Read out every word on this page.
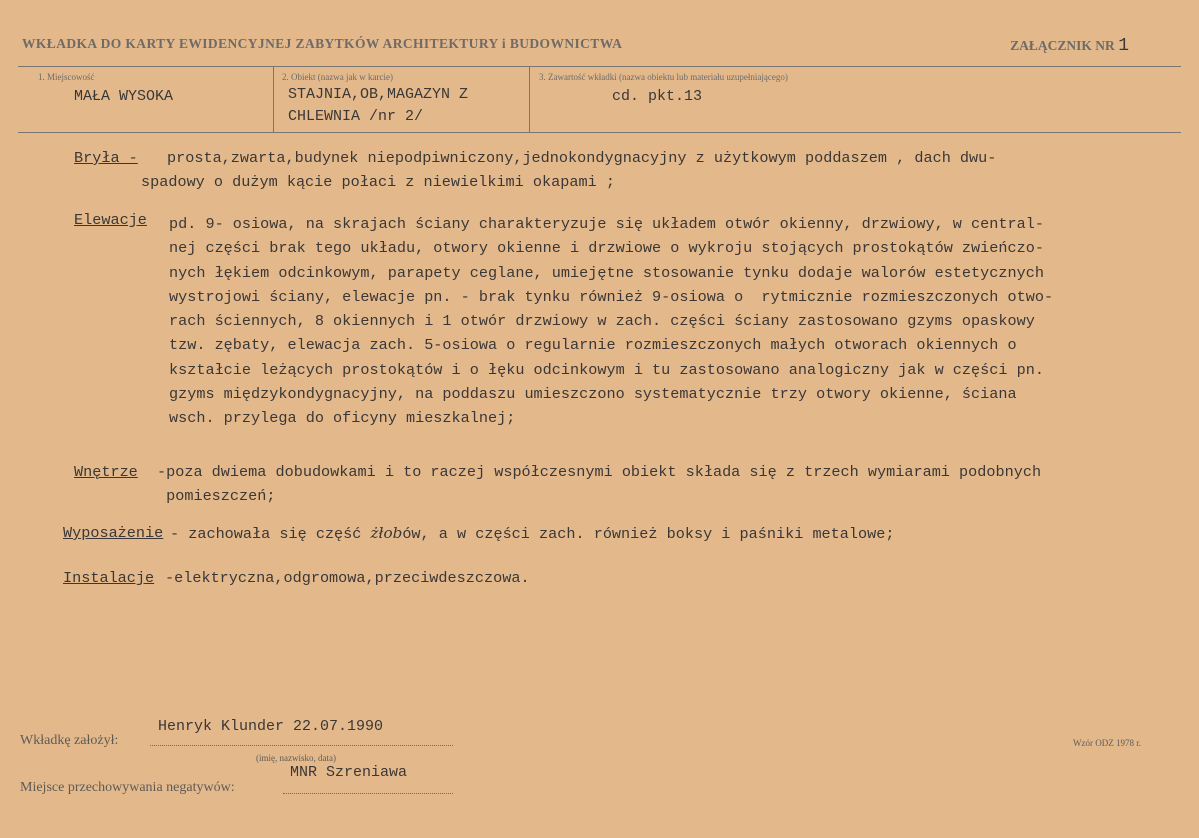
WKŁADKA DO KARTY EWIDENCYJNEJ ZABYTKÓW ARCHITEKTURY i BUDOWNICTWA	ZAŁĄCZNIK NR 1
1. Miejscowość
MAŁA WYSOKA
2. Obiekt (nazwa jak w karcie)
STAJNIA,OB,MAGAZYN Z
CHLEWNIA /nr 2/
3. Zawartość wkładki (nazwa obiektu lub materiału uzupełniającego)
cd. pkt.13
Bryła - prosta,zwarta,budynek niepodpiwniczony,jednokondygnacyjny z użytkowym poddaszem , dach dwu-
spadowy o dużym kącie połaci z niewielkimi okapami ;
Elewacje pd. 9- osiowa, na skrajach ściany charakteryzuje się układem otwór okienny, drzwiowy, w central-
nej części brak tego układu, otwory okienne i drzwiowe o wykroju stojących prostokątów zwieńczo-
nych łękiem odcinkowym, parapety ceglane, umiejętne stosowanie tynku dodaje walorów estetycznych
wystrojowi ściany, elewacje pn. - brak tynku również 9-osiowa o  rytmicznie rozmieszczonych otwo-
rach ściennych, 8 okiennych i 1 otwór drzwiowy w zach. części ściany zastosowano gzyms opaskowy
tzw. zębaty, elewacja zach. 5-osiowa o regularnie rozmieszczonych małych otworach okiennych o
kształcie leżących prostokątów i o łęku odcinkowym i tu zastosowano analogiczny jak w części pn.
gzyms międzykondygnacyjny, na poddaszu umieszczono systematycznie trzy otwory okienne, ściana
wsch. przylega do oficyny mieszkalnej;
Wnętrze -poza dwiema dobudowkami i to raczej współczesnymi obiekt składa się z trzech wymiarami podobnych
pomieszczeń;
Wyposażenie - zachowała się część żłobów, a w części zach. również boksy i paśniki metalowe;
Instalacje -elektryczna,odgromowa,przeciwdeszczowa.
Wkładkę założył:
Henryk Klunder 22.07.1990
(imię, nazwisko, data)
Miejsce przechowywania negatywów:
MNR Szreniawa
Wzór ODZ 1978 r.
